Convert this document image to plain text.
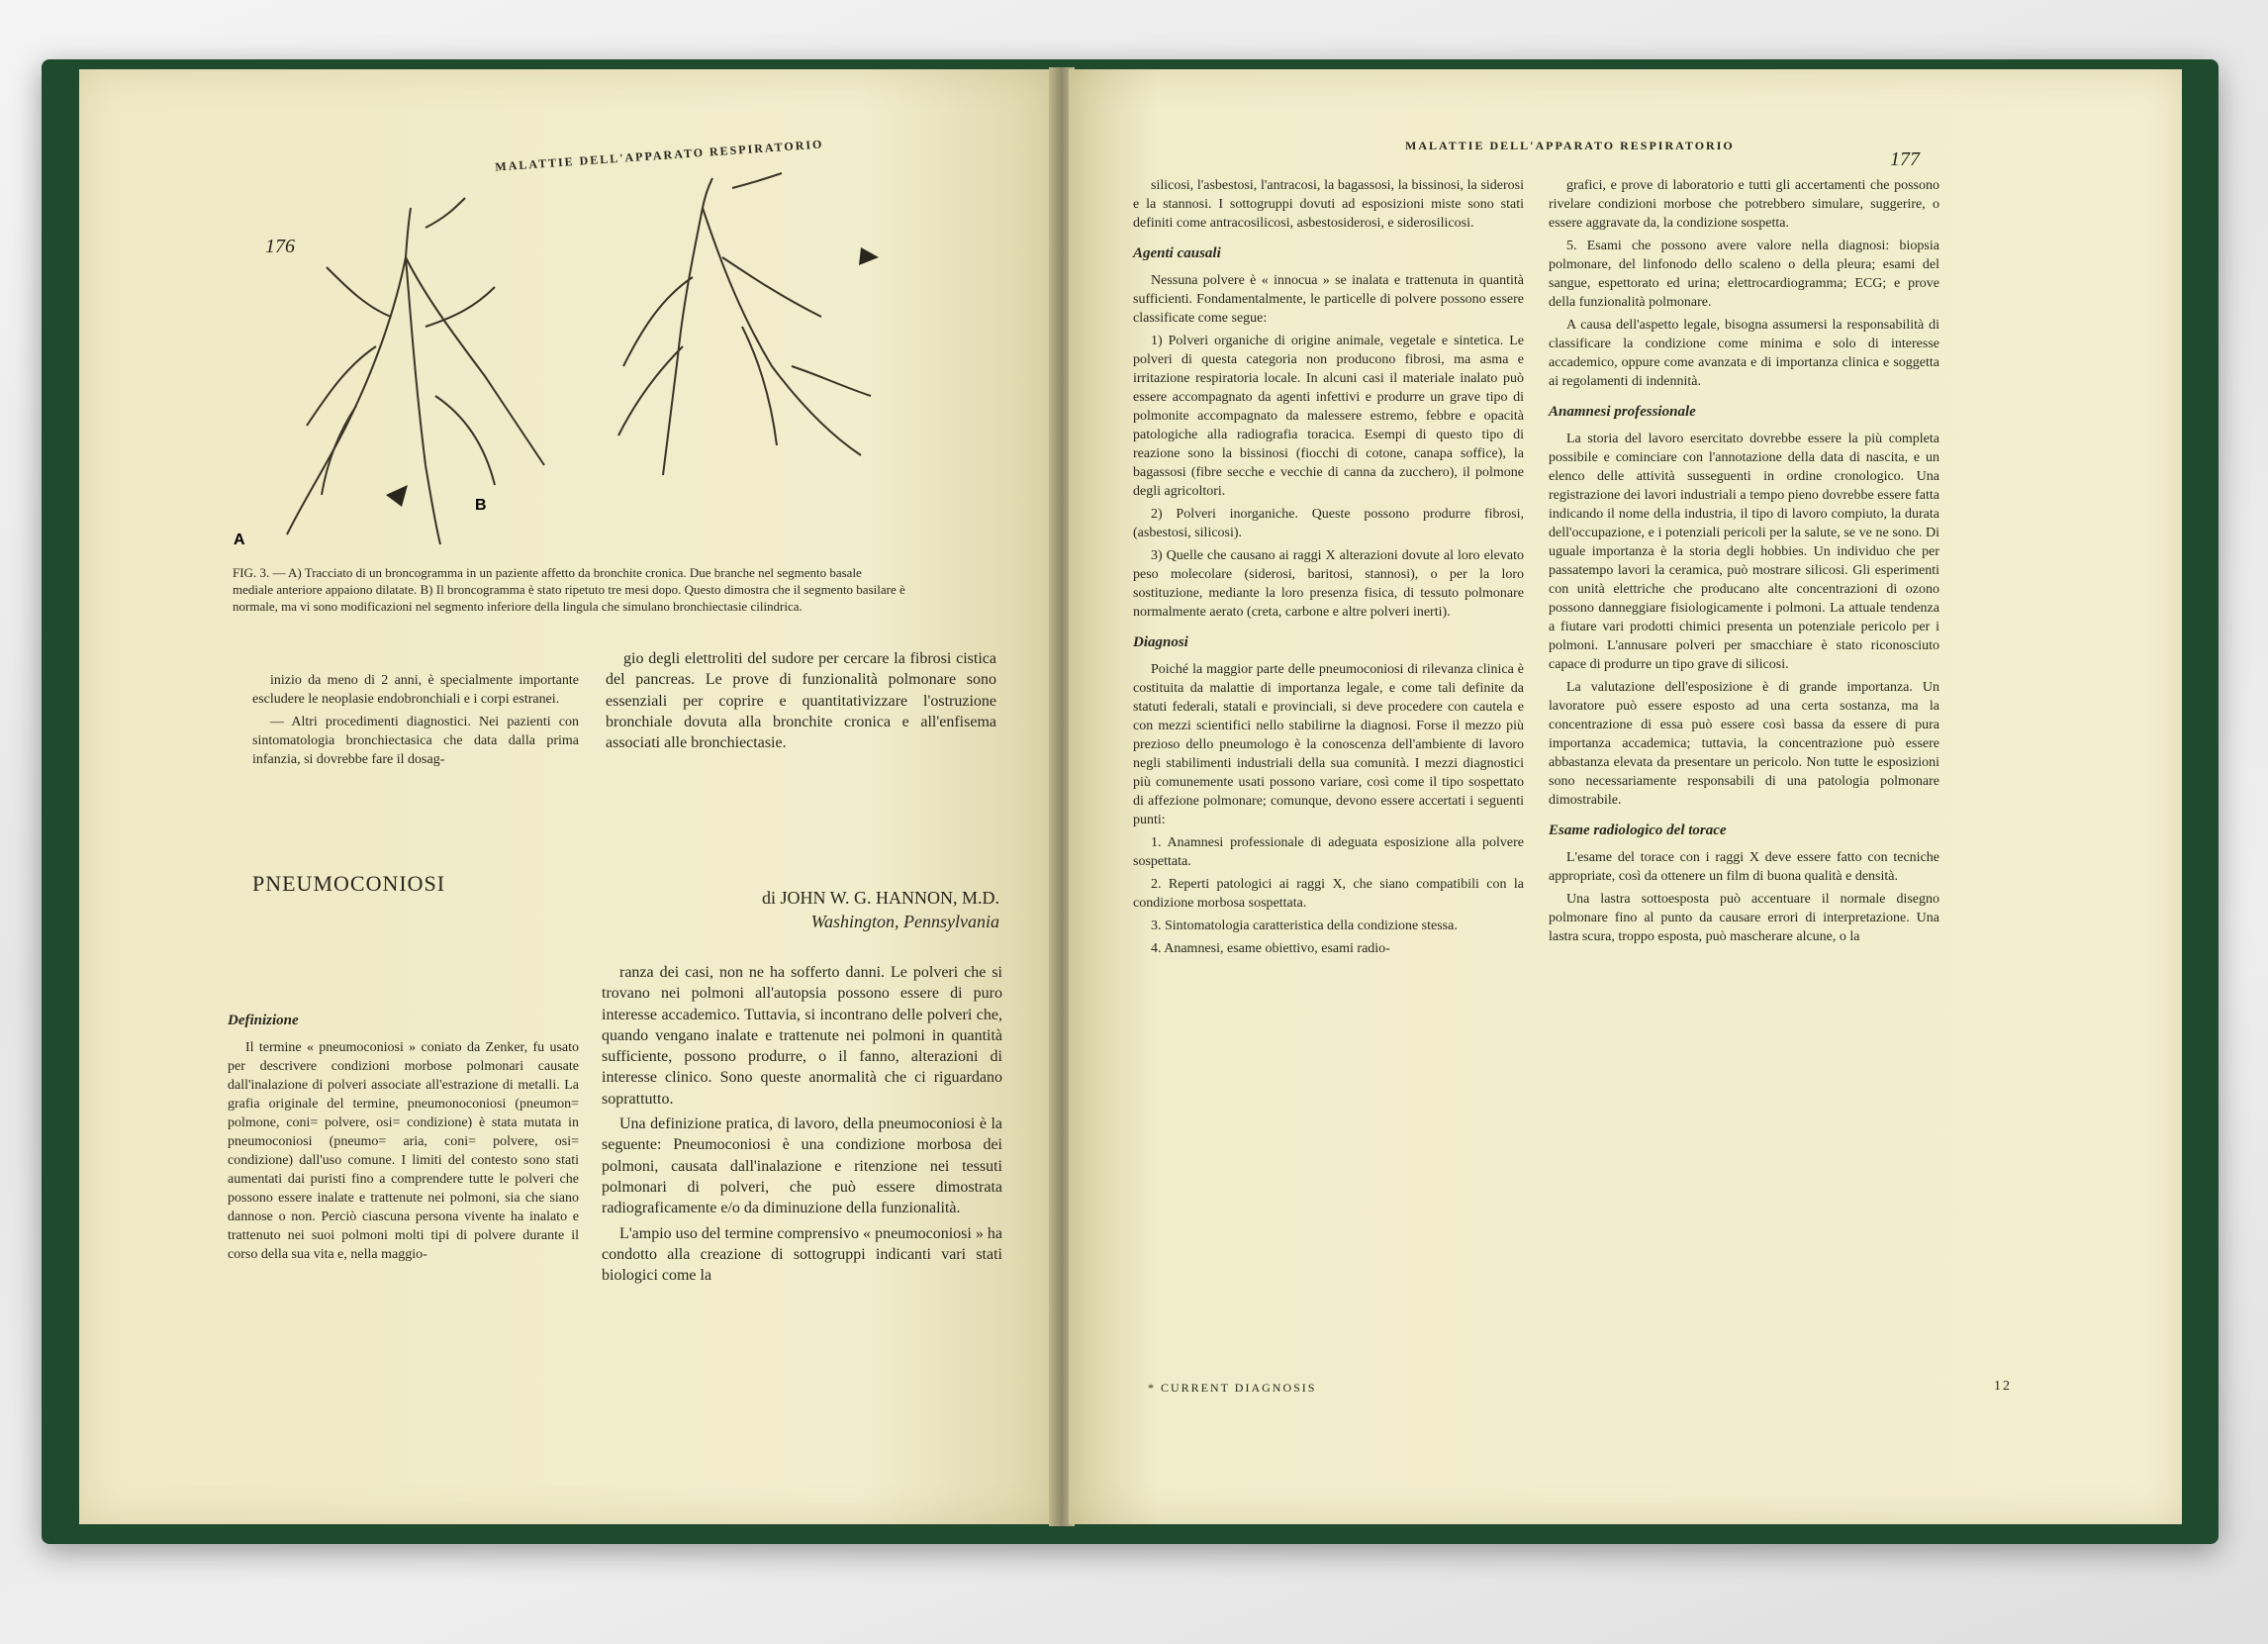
MALATTIE DELL'APPARATO RESPIRATORIO
176
A
B
FIG. 3. — A) Tracciato di un broncogramma in un paziente affetto da bronchite cronica. Due branche nel segmento basale mediale anteriore appaiono dilatate. B) Il broncogramma è stato ripetuto tre mesi dopo. Questo dimostra che il segmento basilare è normale, ma vi sono modificazioni nel segmento inferiore della lingula che simulano bronchiectasie cilindrica.

inizio da meno di 2 anni, è specialmente importante escludere le neoplasie endobronchiali e i corpi estranei.

— Altri procedimenti diagnostici. Nei pazienti con sintomatologia bronchiectasica che data dalla prima infanzia, si dovrebbe fare il dosag-

gio degli elettroliti del sudore per cercare la fibrosi cistica del pancreas. Le prove di funzionalità polmonare sono essenziali per coprire e quantitativizzare l'ostruzione bronchiale dovuta alla bronchite cronica e all'enfisema associati alle bronchiectasie.

PNEUMOCONIOSI
di JOHN W. G. HANNON, M.D.
Washington, Pennsylvania
Definizione

Il termine « pneumoconiosi » coniato da Zenker, fu usato per descrivere condizioni morbose polmonari causate dall'inalazione di polveri associate all'estrazione di metalli. La grafia originale del termine, pneumonoconiosi (pneumon= polmone, coni= polvere, osi= condizione) è stata mutata in pneumoconiosi (pneumo= aria, coni= polvere, osi= condizione) dall'uso comune. I limiti del contesto sono stati aumentati dai puristi fino a comprendere tutte le polveri che possono essere inalate e trattenute nei polmoni, sia che siano dannose o non. Perciò ciascuna persona vivente ha inalato e trattenuto nei suoi polmoni molti tipi di polvere durante il corso della sua vita e, nella maggio-

ranza dei casi, non ne ha sofferto danni. Le polveri che si trovano nei polmoni all'autopsia possono essere di puro interesse accademico. Tuttavia, si incontrano delle polveri che, quando vengano inalate e trattenute nei polmoni in quantità sufficiente, possono produrre, o il fanno, alterazioni di interesse clinico. Sono queste anormalità che ci riguardano soprattutto.

Una definizione pratica, di lavoro, della pneumoconiosi è la seguente: Pneumoconiosi è una condizione morbosa dei polmoni, causata dall'inalazione e ritenzione nei tessuti polmonari di polveri, che può essere dimostrata radiograficamente e/o da diminuzione della funzionalità.

L'ampio uso del termine comprensivo « pneumoconiosi » ha condotto alla creazione di sottogruppi indicanti vari stati biologici come la

MALATTIE DELL'APPARATO RESPIRATORIO
177

silicosi, l'asbestosi, l'antracosi, la bagassosi, la bissinosi, la siderosi e la stannosi. I sottogruppi dovuti ad esposizioni miste sono stati definiti come antracosilicosi, asbestosiderosi, e siderosilicosi.

Agenti causali

Nessuna polvere è « innocua » se inalata e trattenuta in quantità sufficienti. Fondamentalmente, le particelle di polvere possono essere classificate come segue:

1) Polveri organiche di origine animale, vegetale e sintetica. Le polveri di questa categoria non producono fibrosi, ma asma e irritazione respiratoria locale. In alcuni casi il materiale inalato può essere accompagnato da agenti infettivi e produrre un grave tipo di polmonite accompagnato da malessere estremo, febbre e opacità patologiche alla radiografia toracica. Esempi di questo tipo di reazione sono la bissinosi (fiocchi di cotone, canapa soffice), la bagassosi (fibre secche e vecchie di canna da zucchero), il polmone degli agricoltori.

2) Polveri inorganiche. Queste possono produrre fibrosi, (asbestosi, silicosi).

3) Quelle che causano ai raggi X alterazioni dovute al loro elevato peso molecolare (siderosi, baritosi, stannosi), o per la loro sostituzione, mediante la loro presenza fisica, di tessuto polmonare normalmente aerato (creta, carbone e altre polveri inerti).

Diagnosi

Poiché la maggior parte delle pneumoconiosi di rilevanza clinica è costituita da malattie di importanza legale, e come tali definite da statuti federali, statali e provinciali, si deve procedere con cautela e con mezzi scientifici nello stabilirne la diagnosi. Forse il mezzo più prezioso dello pneumologo è la conoscenza dell'ambiente di lavoro negli stabilimenti industriali della sua comunità. I mezzi diagnostici più comunemente usati possono variare, così come il tipo sospettato di affezione polmonare; comunque, devono essere accertati i seguenti punti:

1. Anamnesi professionale di adeguata esposizione alla polvere sospettata.

2. Reperti patologici ai raggi X, che siano compatibili con la condizione morbosa sospettata.

3. Sintomatologia caratteristica della condizione stessa.

4. Anamnesi, esame obiettivo, esami radio-

grafici, e prove di laboratorio e tutti gli accertamenti che possono rivelare condizioni morbose che potrebbero simulare, suggerire, o essere aggravate da, la condizione sospetta.

5. Esami che possono avere valore nella diagnosi: biopsia polmonare, del linfonodo dello scaleno o della pleura; esami del sangue, espettorato ed urina; elettrocardiogramma; ECG; e prove della funzionalità polmonare.

A causa dell'aspetto legale, bisogna assumersi la responsabilità di classificare la condizione come minima e solo di interesse accademico, oppure come avanzata e di importanza clinica e soggetta ai regolamenti di indennità.

Anamnesi professionale

La storia del lavoro esercitato dovrebbe essere la più completa possibile e cominciare con l'annotazione della data di nascita, e un elenco delle attività susseguenti in ordine cronologico. Una registrazione dei lavori industriali a tempo pieno dovrebbe essere fatta indicando il nome della industria, il tipo di lavoro compiuto, la durata dell'occupazione, e i potenziali pericoli per la salute, se ve ne sono. Di uguale importanza è la storia degli hobbies. Un individuo che per passatempo lavori la ceramica, può mostrare silicosi. Gli esperimenti con unità elettriche che producano alte concentrazioni di ozono possono danneggiare fisiologicamente i polmoni. La attuale tendenza a fiutare vari prodotti chimici presenta un potenziale pericolo per i polmoni. L'annusare polveri per smacchiare è stato riconosciuto capace di produrre un tipo grave di silicosi.

La valutazione dell'esposizione è di grande importanza. Un lavoratore può essere esposto ad una certa sostanza, ma la concentrazione di essa può essere così bassa da essere di pura importanza accademica; tuttavia, la concentrazione può essere abbastanza elevata da presentare un pericolo. Non tutte le esposizioni sono necessariamente responsabili di una patologia polmonare dimostrabile.

Esame radiologico del torace

L'esame del torace con i raggi X deve essere fatto con tecniche appropriate, così da ottenere un film di buona qualità e densità.

Una lastra sottoesposta può accentuare il normale disegno polmonare fino al punto da causare errori di interpretazione. Una lastra scura, troppo esposta, può mascherare alcune, o la

* CURRENT DIAGNOSIS	12
